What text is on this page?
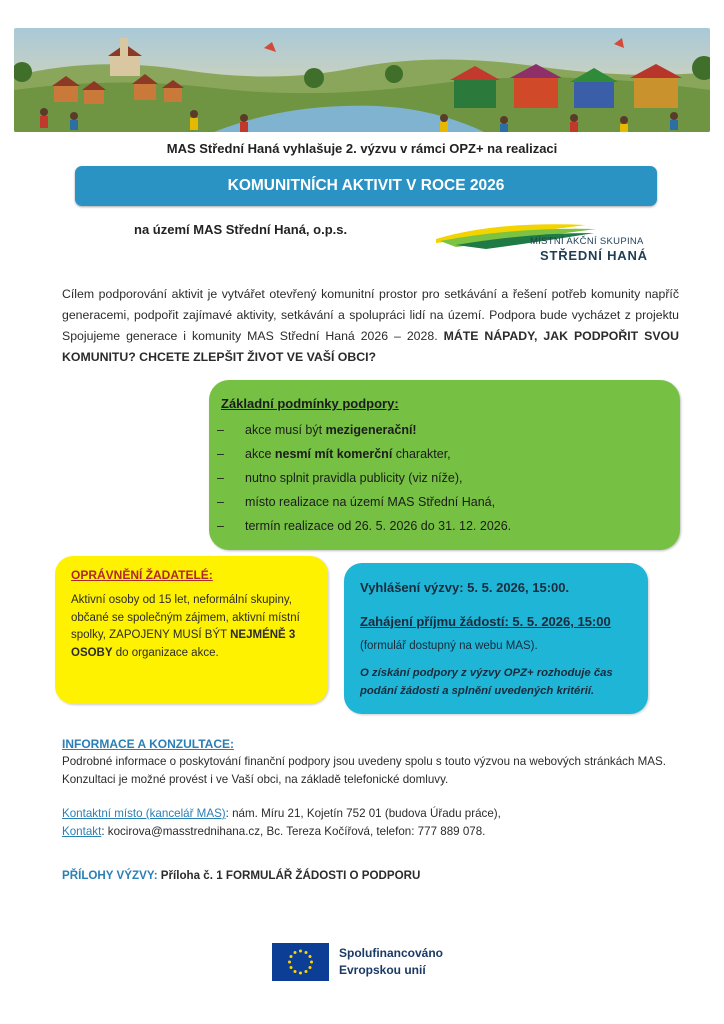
MAS Střední Haná vyhlašuje 2. výzvu v rámci OPZ+ na realizaci
KOMUNITNÍCH AKTIVIT V ROCE 2026
na území MAS Střední Haná, o.p.s.
MÍSTNÍ AKČNÍ SKUPINA
STŘEDNÍ HANÁ
Cílem podporování aktivit je vytvářet otevřený komunitní prostor pro setkávání a řešení potřeb komunity napříč generacemi, podpořit zajímavé aktivity, setkávání a spolupráci lidí na území. Podpora bude vycházet z projektu Spojujeme generace i komunity MAS Střední Haná 2026 – 2028. MÁTE NÁPADY, JAK PODPOŘIT SVOU KOMUNITU? CHCETE ZLEPŠIT ŽIVOT VE VAŠÍ OBCI?
Základní podmínky podpory:
– akce musí být mezigenerační!
– akce nesmí mít komerční charakter,
– nutno splnit pravidla publicity (viz níže),
– místo realizace na území MAS Střední Haná,
– termín realizace od 26. 5. 2026 do 31. 12. 2026.
OPRÁVNĚNÍ ŽADATELÉ:
Aktivní osoby od 15 let, neformální skupiny, občané se společným zájmem, aktivní místní spolky, ZAPOJENY MUSÍ BÝT NEJMÉNĚ 3 OSOBY do organizace akce.
Vyhlášení výzvy: 5. 5. 2026, 15:00.
Zahájení příjmu žádostí: 5. 5. 2026, 15:00 (formulář dostupný na webu MAS).
O získání podpory z výzvy OPZ+ rozhoduje čas podání žádosti a splnění uvedených kritérií.
INFORMACE A KONZULTACE:
Podrobné informace o poskytování finanční podpory jsou uvedeny spolu s touto výzvou na webových stránkách MAS. Konzultaci je možné provést i ve Vaší obci, na základě telefonické domluvy.
Kontaktní místo (kancelář MAS): nám. Míru 21, Kojetín 752 01 (budova Úřadu práce),
Kontakt: kocirova@masstrednihana.cz, Bc. Tereza Kočířová, telefon: 777 889 078.
PŘÍLOHY VÝZVY: Příloha č. 1 FORMULÁŘ ŽÁDOSTI O PODPORU
Spolufinancováno
Evropskou unií
